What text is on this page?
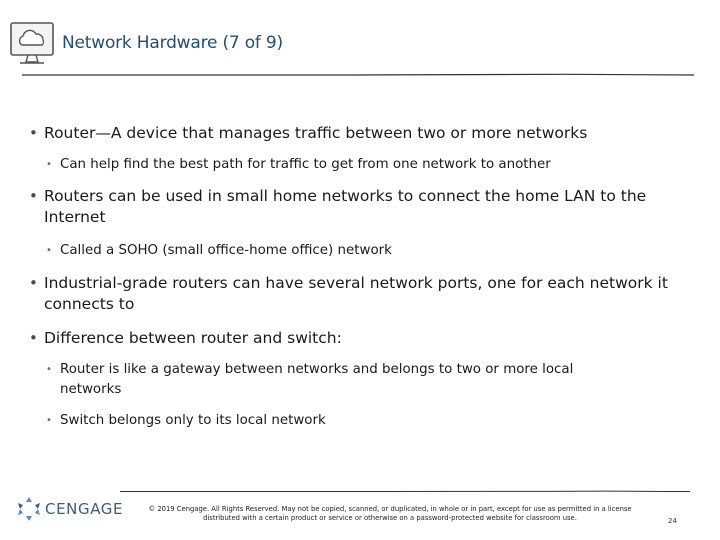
Network Hardware (7 of 9)
• Router—A device that manages traffic between two or more networks
• Can help find the best path for traffic to get from one network to another
• Routers can be used in small home networks to connect the home LAN to the Internet
• Called a SOHO (small office-home office) network
• Industrial-grade routers can have several network ports, one for each network it connects to
• Difference between router and switch:
• Router is like a gateway between networks and belongs to two or more local networks
• Switch belongs only to its local network
CENGAGE	© 2019 Cengage. All Rights Reserved. May not be copied, scanned, or duplicated, in whole or in part, except for use as permitted in a license distributed with a certain product or service or otherwise on a password-protected website for classroom use.	24
